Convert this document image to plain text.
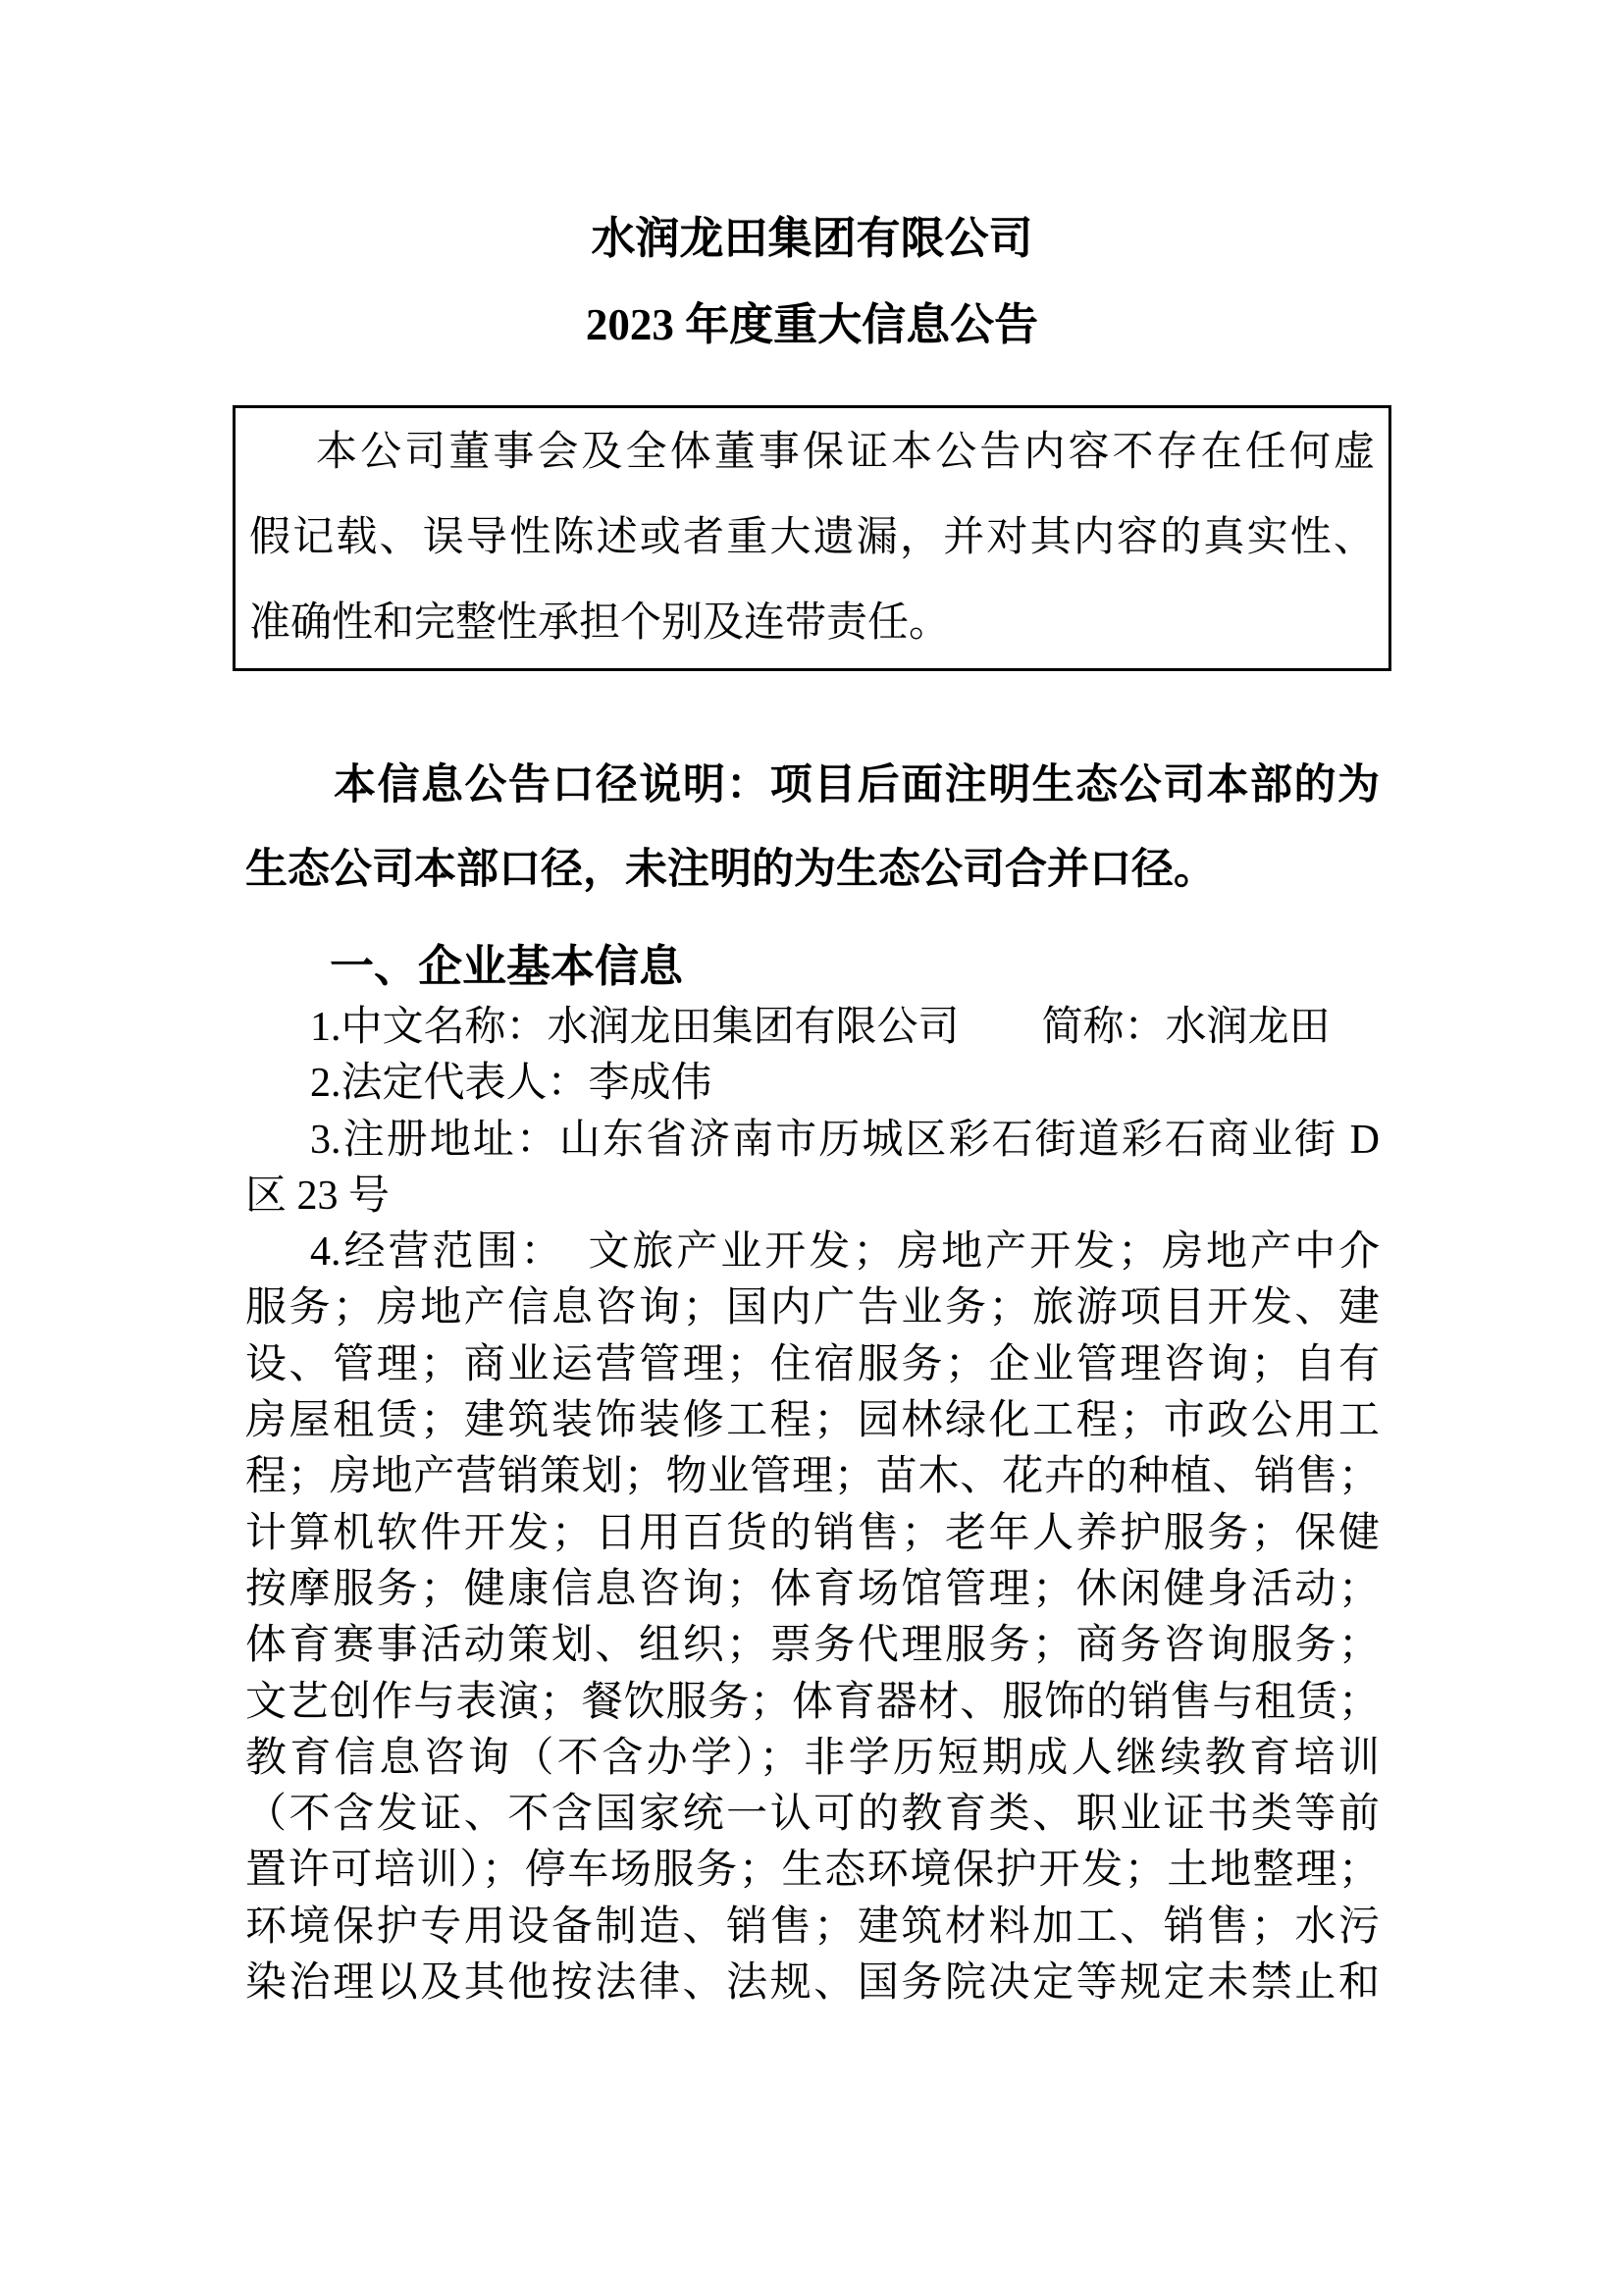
水润龙田集团有限公司
2023 年度重大信息公告
本公司董事会及全体董事保证本公告内容不存在任何虚
假记载、误导性陈述或者重大遗漏，并对其内容的真实性、
准确性和完整性承担个别及连带责任。
本信息公告口径说明：项目后面注明生态公司本部的为
生态公司本部口径，未注明的为生态公司合并口径。
一、企业基本信息
1.中文名称：水润龙田集团有限公司　　简称：水润龙田
2.法定代表人：李成伟
3.注册地址：山东省济南市历城区彩石街道彩石商业街 D
区 23 号
4.经营范围：　文旅产业开发；房地产开发；房地产中介
服务；房地产信息咨询；国内广告业务；旅游项目开发、建
设、管理；商业运营管理；住宿服务；企业管理咨询；自有
房屋租赁；建筑装饰装修工程；园林绿化工程；市政公用工
程；房地产营销策划；物业管理；苗木、花卉的种植、销售；
计算机软件开发；日用百货的销售；老年人养护服务；保健
按摩服务；健康信息咨询；体育场馆管理；休闲健身活动；
体育赛事活动策划、组织；票务代理服务；商务咨询服务；
文艺创作与表演；餐饮服务；体育器材、服饰的销售与租赁；
教育信息咨询（不含办学）；非学历短期成人继续教育培训
（不含发证、不含国家统一认可的教育类、职业证书类等前
置许可培训）；停车场服务；生态环境保护开发；土地整理；
环境保护专用设备制造、销售；建筑材料加工、销售；水污
染治理以及其他按法律、法规、国务院决定等规定未禁止和
